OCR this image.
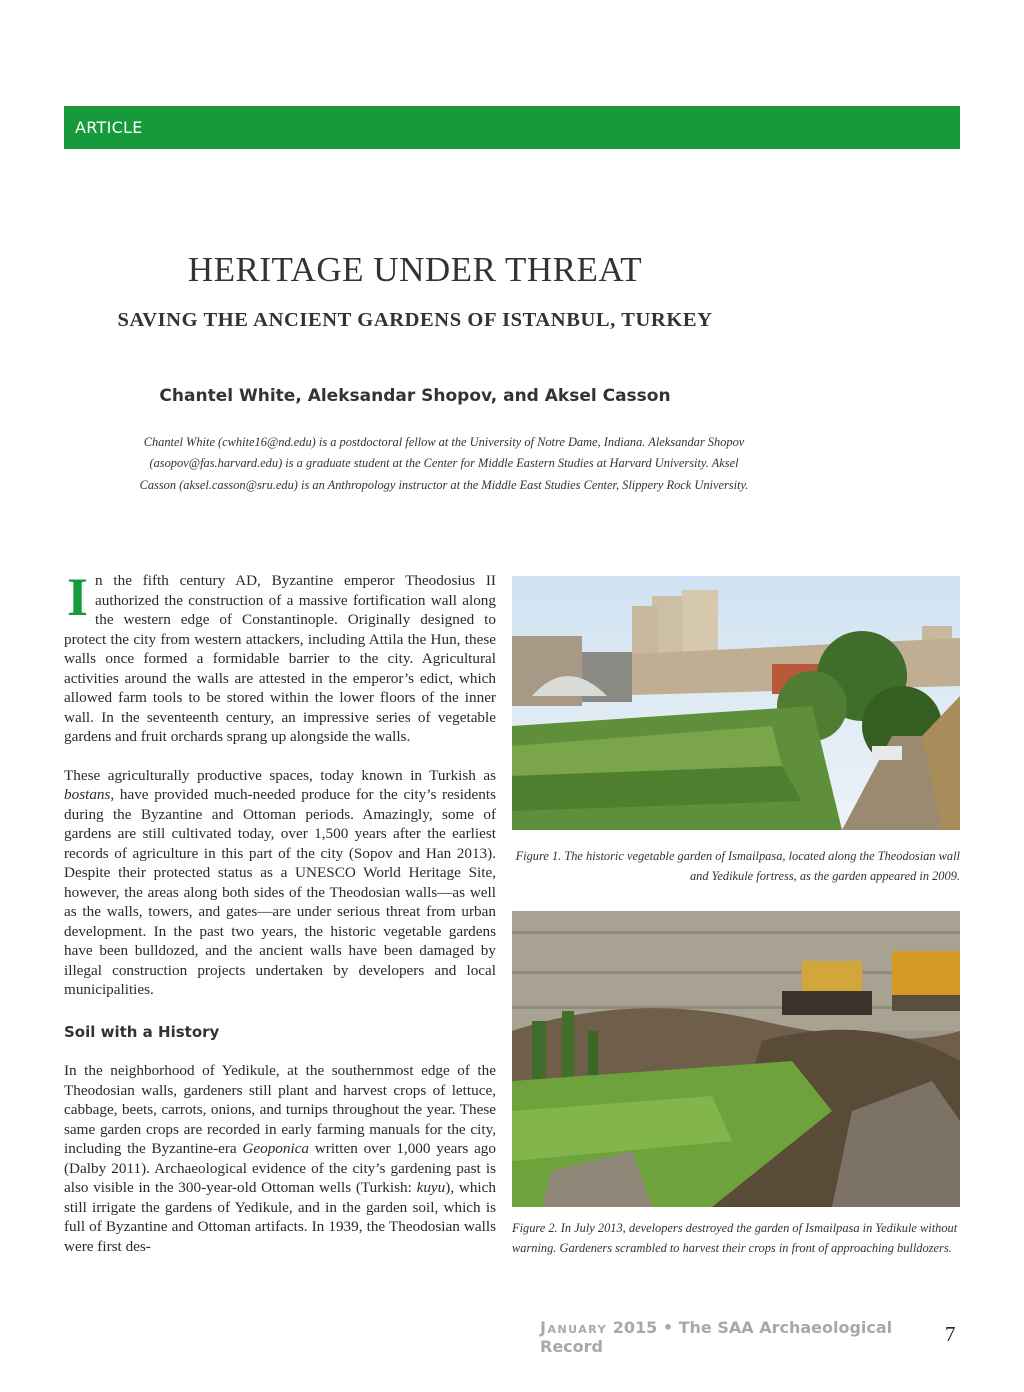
ARTICLE
HERITAGE UNDER THREAT
SAVING THE ANCIENT GARDENS OF ISTANBUL, TURKEY

Chantel White, Aleksandar Shopov, and Aksel Casson

Chantel White (cwhite16@nd.edu) is a postdoctoral fellow at the University of Notre Dame, Indiana. Aleksandar Shopov
(asopov@fas.harvard.edu) is a graduate student at the Center for Middle Eastern Studies at Harvard University. Aksel
Casson (aksel.casson@sru.edu) is an Anthropology instructor at the Middle East Studies Center, Slippery Rock University.

In the fifth century AD, Byzantine emperor Theodosius II authorized the construction of a massive fortification wall along the western edge of Constantinople. Originally designed to protect the city from western attackers, including Attila the Hun, these walls once formed a formidable barrier to the city. Agricultural activities around the walls are attested in the emperor’s edict, which allowed farm tools to be stored within the lower floors of the inner wall. In the seventeenth century, an impressive series of vegetable gardens and fruit orchards sprang up alongside the walls.

These agriculturally productive spaces, today known in Turkish as bostans, have provided much-needed produce for the city’s residents during the Byzantine and Ottoman periods. Amazingly, some of gardens are still cultivated today, over 1,500 years after the earliest records of agriculture in this part of the city (Sopov and Han 2013). Despite their protected status as a UNESCO World Heritage Site, however, the areas along both sides of the Theodosian walls—as well as the walls, towers, and gates—are under serious threat from urban development. In the past two years, the historic vegetable gardens have been bulldozed, and the ancient walls have been damaged by illegal construction projects undertaken by developers and local municipalities.

Soil with a History

In the neighborhood of Yedikule, at the southernmost edge of the Theodosian walls, gardeners still plant and harvest crops of lettuce, cabbage, beets, carrots, onions, and turnips throughout the year. These same garden crops are recorded in early farming manuals for the city, including the Byzantine-era Geoponica written over 1,000 years ago (Dalby 2011). Archaeological evidence of the city’s gardening past is also visible in the 300-year-old Ottoman wells (Turkish: kuyu), which still irrigate the gardens of Yedikule, and in the garden soil, which is full of Byzantine and Ottoman artifacts. In 1939, the Theodosian walls were first des-

Figure 1. The historic vegetable garden of Ismailpasa, located along the Theodosian wall and Yedikule fortress, as the garden appeared in 2009.
Figure 2. In July 2013, developers destroyed the garden of Ismailpasa in Yedikule without warning. Gardeners scrambled to harvest their crops in front of approaching bulldozers.
January 2015 • The SAA Archaeological Record
7
